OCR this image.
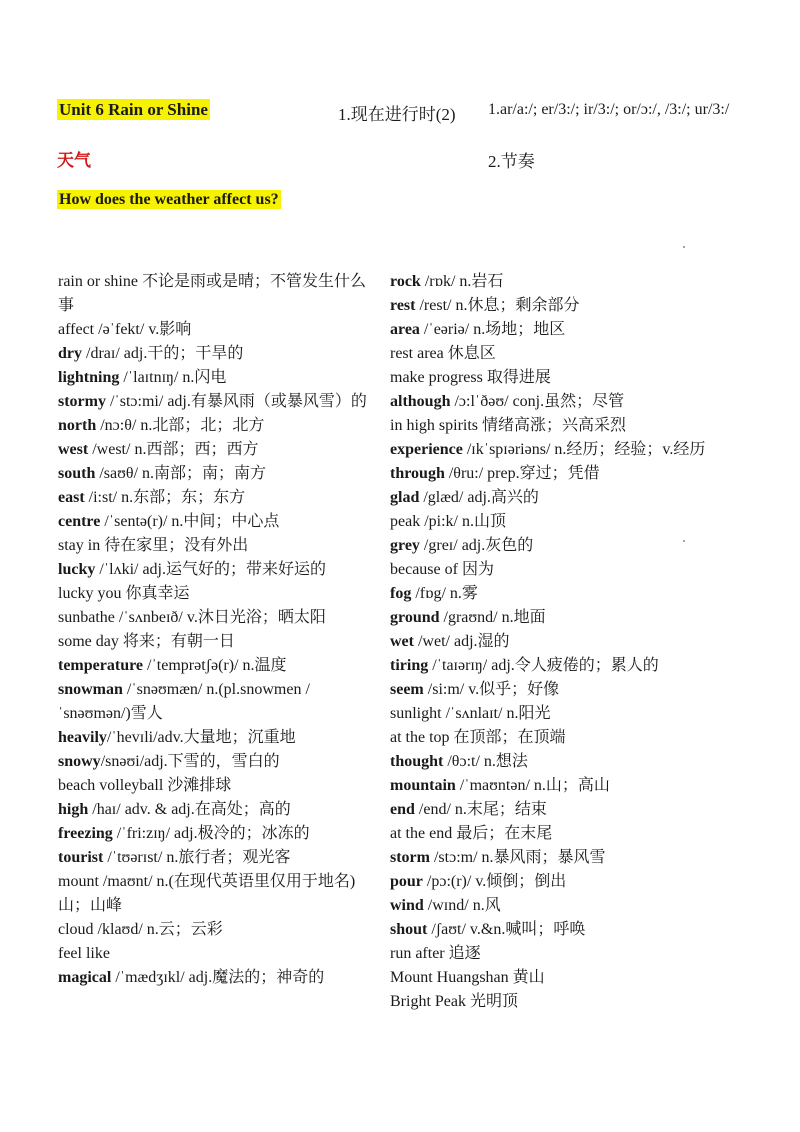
Unit 6 Rain or Shine	1.现在进行时(2) 1.ar/a:/; er/3:/; ir/3:/; or/ɔ:/, /3:/; ur/3:/
天气	2.节奏
How does the weather affect us?
rain or shine 不论是雨或是晴；不管发生什么事
affect /əˈfekt/ v.影响
dry /draɪ/ adj.干的；干旱的
lightning /ˈlaɪtnɪŋ/ n.闪电
stormy /ˈstɔ:mi/ adj.有暴风雨（或暴风雪）的
north /nɔ:θ/ n.北部；北；北方
west /west/ n.西部；西；西方
south /saʊθ/ n.南部；南；南方
east /i:st/ n.东部；东；东方
centre /ˈsentə(r)/ n.中间；中心点
stay in 待在家里；没有外出
lucky /ˈlʌki/ adj.运气好的；带来好运的
lucky you 你真幸运
sunbathe /ˈsʌnbeɪð/ v.沐日光浴；晒太阳
some day 将来；有朝一日
temperature /ˈtemprətʃə(r)/ n.温度
snowman /ˈsnəʊmæn/ n.(pl.snowmen /ˈsnəʊmən/)雪人
heavily/ˈhevɪli/adv.大量地；沉重地
snowy/snəʊi/adj.下雪的，雪白的
beach volleyball 沙滩排球
high /haɪ/ adv. & adj.在高处；高的
freezing /ˈfri:zɪŋ/ adj.极冷的；冰冻的
tourist /ˈtʊərɪst/ n.旅行者；观光客
mount /maʊnt/ n.(在现代英语里仅用于地名)山；山峰
cloud /klaʊd/ n.云；云彩
feel like
magical /ˈmædʒɪkl/ adj.魔法的；神奇的
rock /rɒk/ n.岩石
rest /rest/ n.休息；剩余部分
area /ˈeəriə/ n.场地；地区
rest area 休息区
make progress 取得进展
although /ɔ:lˈðəʊ/ conj.虽然；尽管
in high spirits 情绪高涨；兴高采烈
experience /ɪkˈspɪəriəns/ n.经历；经验；v.经历
through /θru:/ prep.穿过；凭借
glad /glæd/ adj.高兴的
peak /pi:k/ n.山顶
grey /greɪ/ adj.灰色的
because of 因为
fog /fɒg/ n.雾
ground /graʊnd/ n.地面
wet /wet/ adj.湿的
tiring /ˈtaɪərɪŋ/ adj.令人疲倦的；累人的
seem /si:m/ v.似乎；好像
sunlight /ˈsʌnlaɪt/ n.阳光
at the top 在顶部；在顶端
thought /θɔ:t/ n.想法
mountain /ˈmaʊntən/ n.山；高山
end /end/ n.末尾；结束
at the end 最后；在末尾
storm /stɔ:m/ n.暴风雨；暴风雪
pour /pɔ:(r)/ v.倾倒；倒出
wind /wɪnd/ n.风
shout /ʃaʊt/ v.&n.喊叫；呼唤
run after 追逐
Mount Huangshan 黄山
Bright Peak 光明顶
